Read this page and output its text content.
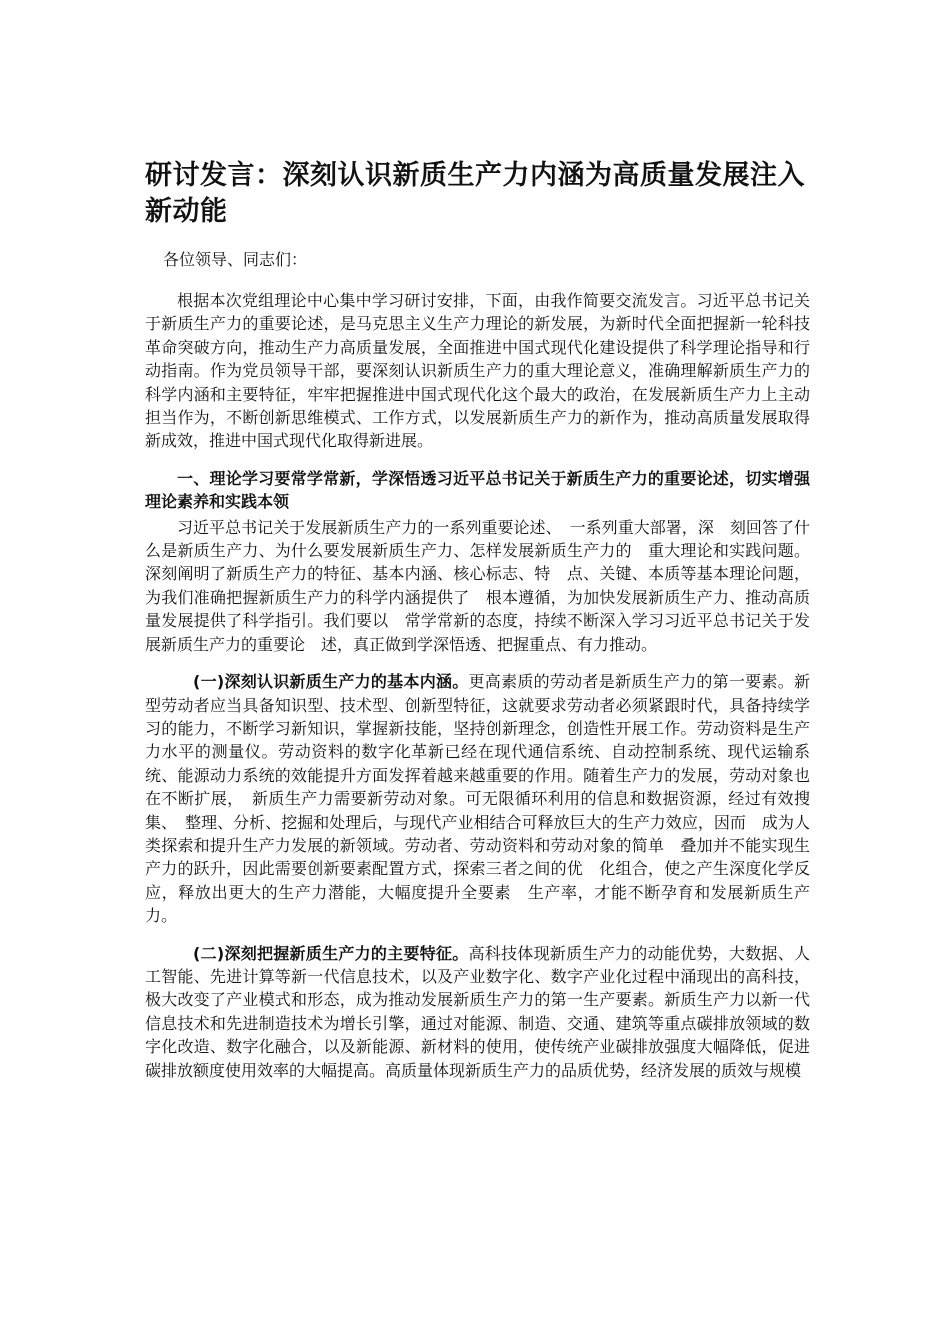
研讨发言：深刻认识新质生产力内涵为高质量发展注入新动能

各位领导、同志们：

根据本次党组理论中心集中学习研讨安排，下面，由我作简要交流发言。习近平总书记关于新质生产力的重要论述，是马克思主义生产力理论的新发展，为新时代全面把握新一轮科技革命突破方向，推动生产力高质量发展，全面推进中国式现代化建设提供了科学理论指导和行动指南。作为党员领导干部，要深刻认识新质生产力的重大理论意义，准确理解新质生产力的科学内涵和主要特征，牢牢把握推进中国式现代化这个最大的政治，在发展新质生产力上主动担当作为，不断创新思维模式、工作方式，以发展新质生产力的新作为，推动高质量发展取得新成效，推进中国式现代化取得新进展。

一、理论学习要常学常新，学深悟透习近平总书记关于新质生产力的重要论述，切实增强理论素养和实践本领

习近平总书记关于发展新质生产力的一系列重要论述、　一系列重大部署，深　刻回答了什么是新质生产力、为什么要发展新质生产力、怎样发展新质生产力的　重大理论和实践问题。深刻阐明了新质生产力的特征、基本内涵、核心标志、特　点、关键、本质等基本理论问题，为我们准确把握新质生产力的科学内涵提供了　根本遵循，为加快发展新质生产力、推动高质量发展提供了科学指引。我们要以　常学常新的态度，持续不断深入学习习近平总书记关于发展新质生产力的重要论　述，真正做到学深悟透、把握重点、有力推动。

(一)深刻认识新质生产力的基本内涵。更高素质的劳动者是新质生产力的第一要素。新型劳动者应当具备知识型、技术型、创新型特征，这就要求劳动者必须紧跟时代，具备持续学习的能力，不断学习新知识，掌握新技能，坚持创新理念，创造性开展工作。劳动资料是生产力水平的测量仪。劳动资料的数字化革新已经在现代通信系统、自动控制系统、现代运输系统、能源动力系统的效能提升方面发挥着越来越重要的作用。随着生产力的发展，劳动对象也在不断扩展，　新质生产力需要新劳动对象。可无限循环利用的信息和数据资源，经过有效搜集、　整理、分析、挖掘和处理后，与现代产业相结合可释放巨大的生产力效应，因而　成为人类探索和提升生产力发展的新领域。劳动者、劳动资料和劳动对象的简单　叠加并不能实现生产力的跃升，因此需要创新要素配置方式，探索三者之间的优　化组合，使之产生深度化学反应，释放出更大的生产力潜能，大幅度提升全要素　生产率，才能不断孕育和发展新质生产力。

(二)深刻把握新质生产力的主要特征。高科技体现新质生产力的动能优势，大数据、人工智能、先进计算等新一代信息技术，以及产业数字化、数字产业化过程中涌现出的高科技，极大改变了产业模式和形态，成为推动发展新质生产力的第一生产要素。新质生产力以新一代信息技术和先进制造技术为增长引擎，通过对能源、制造、交通、建筑等重点碳排放领域的数字化改造、数字化融合，以及新能源、新材料的使用，使传统产业碳排放强度大幅降低，促进碳排放额度使用效率的大幅提高。高质量体现新质生产力的品质优势，经济发展的质效与规模
